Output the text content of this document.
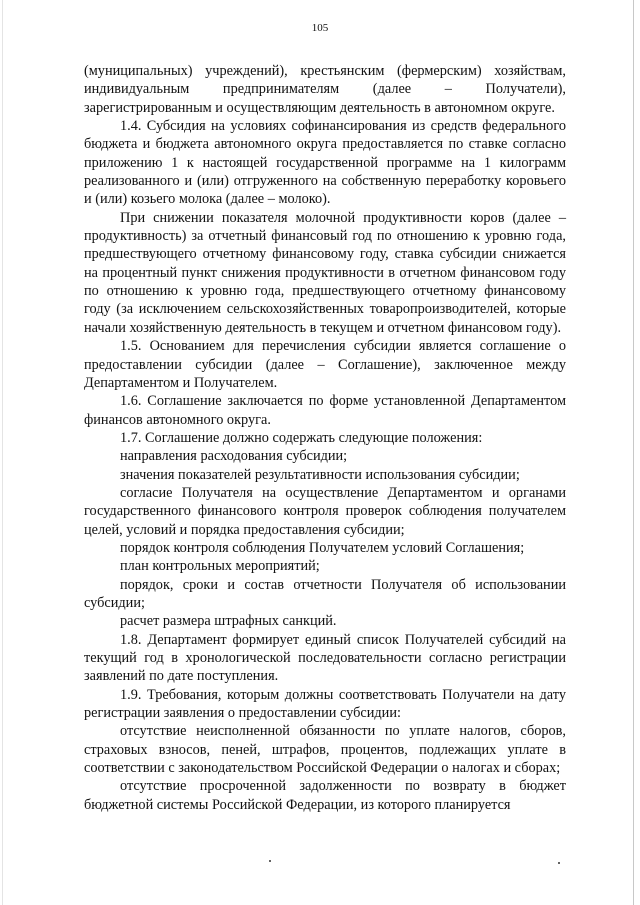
105

(муниципальных) учреждений), крестьянским (фермерским) хозяйствам, индивидуальным предпринимателям (далее – Получатели), зарегистрированным и осуществляющим деятельность в автономном округе.

1.4. Субсидия на условиях софинансирования из средств федерального бюджета и бюджета автономного округа предоставляется по ставке согласно приложению 1 к настоящей государственной программе на 1 килограмм реализованного и (или) отгруженного на собственную переработку коровьего и (или) козьего молока (далее – молоко).

При снижении показателя молочной продуктивности коров (далее – продуктивность) за отчетный финансовый год по отношению к уровню года, предшествующего отчетному финансовому году, ставка субсидии снижается на процентный пункт снижения продуктивности в отчетном финансовом году по отношению к уровню года, предшествующего отчетному финансовому году (за исключением сельскохозяйственных товаропроизводителей, которые начали хозяйственную деятельность в текущем и отчетном финансовом году).

1.5. Основанием для перечисления субсидии является соглашение о предоставлении субсидии (далее – Соглашение), заключенное между Департаментом и Получателем.

1.6. Соглашение заключается по форме установленной Департаментом финансов автономного округа.

1.7. Соглашение должно содержать следующие положения:

направления расходования субсидии;

значения показателей результативности использования субсидии;

согласие Получателя на осуществление Департаментом и органами государственного финансового контроля проверок соблюдения получателем целей, условий и порядка предоставления субсидии;

порядок контроля соблюдения Получателем условий Соглашения;

план контрольных мероприятий;

порядок, сроки и состав отчетности Получателя об использовании субсидии;

расчет размера штрафных санкций.

1.8. Департамент формирует единый список Получателей субсидий на текущий год в хронологической последовательности согласно регистрации заявлений по дате поступления.

1.9. Требования, которым должны соответствовать Получатели на дату регистрации заявления о предоставлении субсидии:

отсутствие неисполненной обязанности по уплате налогов, сборов, страховых взносов, пеней, штрафов, процентов, подлежащих уплате в соответствии с законодательством Российской Федерации о налогах и сборах;

отсутствие просроченной задолженности по возврату в бюджет бюджетной системы Российской Федерации, из которого планируется
